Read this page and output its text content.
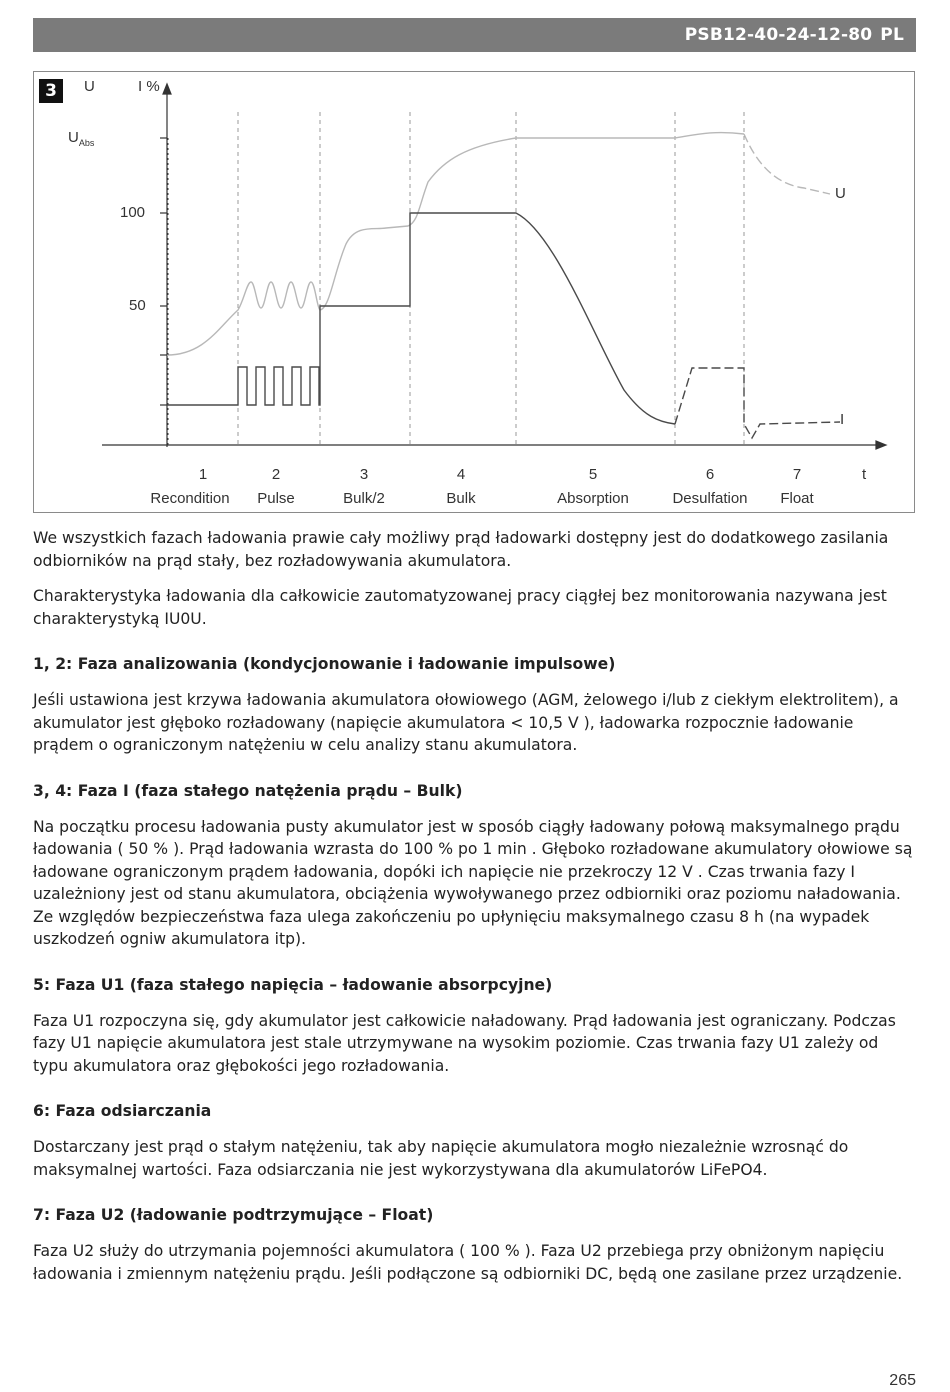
PSB12-40-24-12-80 PL
3	U	I %
$U_{Abs}$
100
50
U
I
t
1	2	3	4	5	6	7
Recondition Pulse	Bulk/2	Bulk	Absorption	Desulfation Float

We wszystkich fazach ładowania prawie cały możliwy prąd ładowarki dostępny jest do dodatkowego zasilania odbiorników na prąd stały, bez rozładowywania akumulatora.

Charakterystyka ładowania dla całkowicie zautomatyzowanej pracy ciągłej bez monitorowania nazywana jest charakterystyką IU0U.

1, 2: Faza analizowania (kondycjonowanie i ładowanie impulsowe)

Jeśli ustawiona jest krzywa ładowania akumulatora ołowiowego (AGM, żelowego i/lub z ciekłym elektrolitem), a akumulator jest głęboko rozładowany (napięcie akumulatora < 10,5 V ), ładowarka rozpocznie ładowanie prądem o ograniczonym natężeniu w celu analizy stanu akumulatora.

3, 4: Faza I (faza stałego natężenia prądu – Bulk)

Na początku procesu ładowania pusty akumulator jest w sposób ciągły ładowany połową maksymalnego prądu ładowania ( 50 % ). Prąd ładowania wzrasta do 100 % po 1 min . Głęboko rozładowane akumulatory ołowiowe są ładowane ograniczonym prądem ładowania, dopóki ich napięcie nie przekroczy 12 V . Czas trwania fazy I uzależniony jest od stanu akumulatora, obciążenia wywoływanego przez odbiorniki oraz poziomu naładowania. Ze względów bezpieczeństwa faza ulega zakończeniu po upłynięciu maksymalnego czasu 8 h (na wypadek uszkodzeń ogniw akumulatora itp).

5: Faza U1 (faza stałego napięcia – ładowanie absorpcyjne)

Faza U1 rozpoczyna się, gdy akumulator jest całkowicie naładowany. Prąd ładowania jest ograniczany. Podczas fazy U1 napięcie akumulatora jest stale utrzymywane na wysokim poziomie. Czas trwania fazy U1 zależy od typu akumulatora oraz głębokości jego rozładowania.

6: Faza odsiarczania

Dostarczany jest prąd o stałym natężeniu, tak aby napięcie akumulatora mogło niezależnie wzrosnąć do maksymalnej wartości. Faza odsiarczania nie jest wykorzystywana dla akumulatorów LiFePO4.

7: Faza U2 (ładowanie podtrzymujące – Float)

Faza U2 służy do utrzymania pojemności akumulatora ( 100 % ). Faza U2 przebiega przy obniżonym napięciu ładowania i zmiennym natężeniu prądu. Jeśli podłączone są odbiorniki DC, będą one zasilane przez urządzenie.

265
